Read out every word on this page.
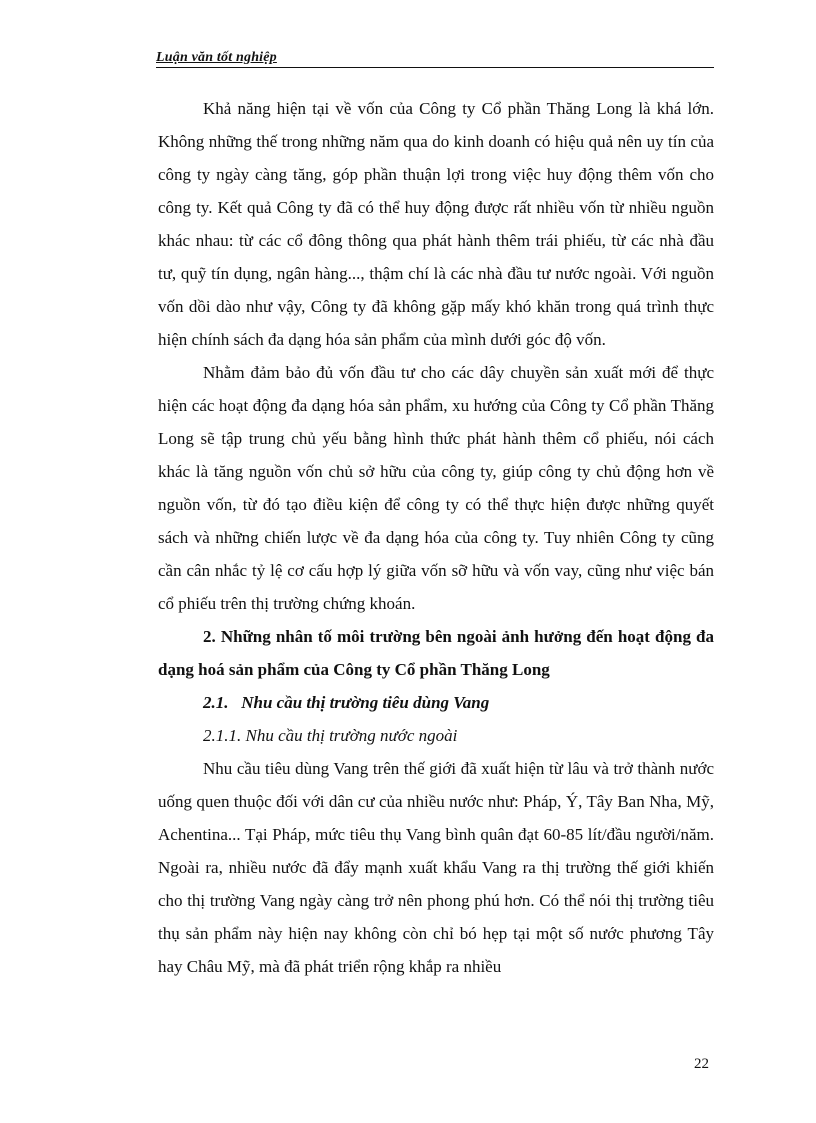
Luận văn tốt nghiệp

Khả năng hiện tại về vốn của Công ty Cổ phần Thăng Long là khá lớn. Không những thế trong những năm qua do kinh doanh có hiệu quả nên uy tín của công ty ngày càng tăng, góp phần thuận lợi trong việc huy động thêm vốn cho công ty. Kết quả Công ty đã có thể huy động được rất nhiều vốn từ nhiều nguồn khác nhau: từ các cổ đông thông qua phát hành thêm trái phiếu, từ các nhà đầu tư, quỹ tín dụng, ngân hàng..., thậm chí là các nhà đầu tư nước ngoài. Với nguồn vốn dồi dào như vậy, Công ty đã không gặp mấy khó khăn trong quá trình thực hiện chính sách đa dạng hóa sản phẩm của mình dưới góc độ vốn.

Nhằm đảm bảo đủ vốn đầu tư cho các dây chuyền sản xuất mới để thực hiện các hoạt động đa dạng hóa sản phẩm, xu hướng của Công ty Cổ phần Thăng Long sẽ tập trung chủ yếu bằng hình thức phát hành thêm cổ phiếu, nói cách khác là tăng nguồn vốn chủ sở hữu của công ty, giúp công ty chủ động hơn về nguồn vốn, từ đó tạo điều kiện để công ty có thể thực hiện được những quyết sách và những chiến lược về đa dạng hóa của công ty. Tuy nhiên Công ty cũng cần cân nhắc tỷ lệ cơ cấu hợp lý giữa vốn sỡ hữu và vốn vay, cũng như việc bán cổ phiếu trên thị trường chứng khoán.

2. Những nhân tố môi trường bên ngoài ảnh hưởng đến hoạt động đa dạng hoá sản phẩm của Công ty Cổ phần Thăng Long

2.1.   Nhu cầu thị trường tiêu dùng Vang

2.1.1. Nhu cầu thị trường nước ngoài

Nhu cầu tiêu dùng Vang trên thế giới đã xuất hiện từ lâu và trở thành nước uống quen thuộc đối với dân cư của nhiều nước như: Pháp, Ý, Tây Ban Nha, Mỹ, Achentina... Tại Pháp, mức tiêu thụ Vang bình quân đạt 60-85 lít/đầu người/năm. Ngoài ra, nhiều nước đã đẩy mạnh xuất khẩu Vang ra thị trường thế giới khiến cho thị trường Vang ngày càng trở nên phong phú hơn. Có thể nói thị trường tiêu thụ sản phẩm này hiện nay không còn chỉ bó hẹp tại một số nước phương Tây hay Châu Mỹ, mà đã phát triển rộng khắp ra nhiều

22
